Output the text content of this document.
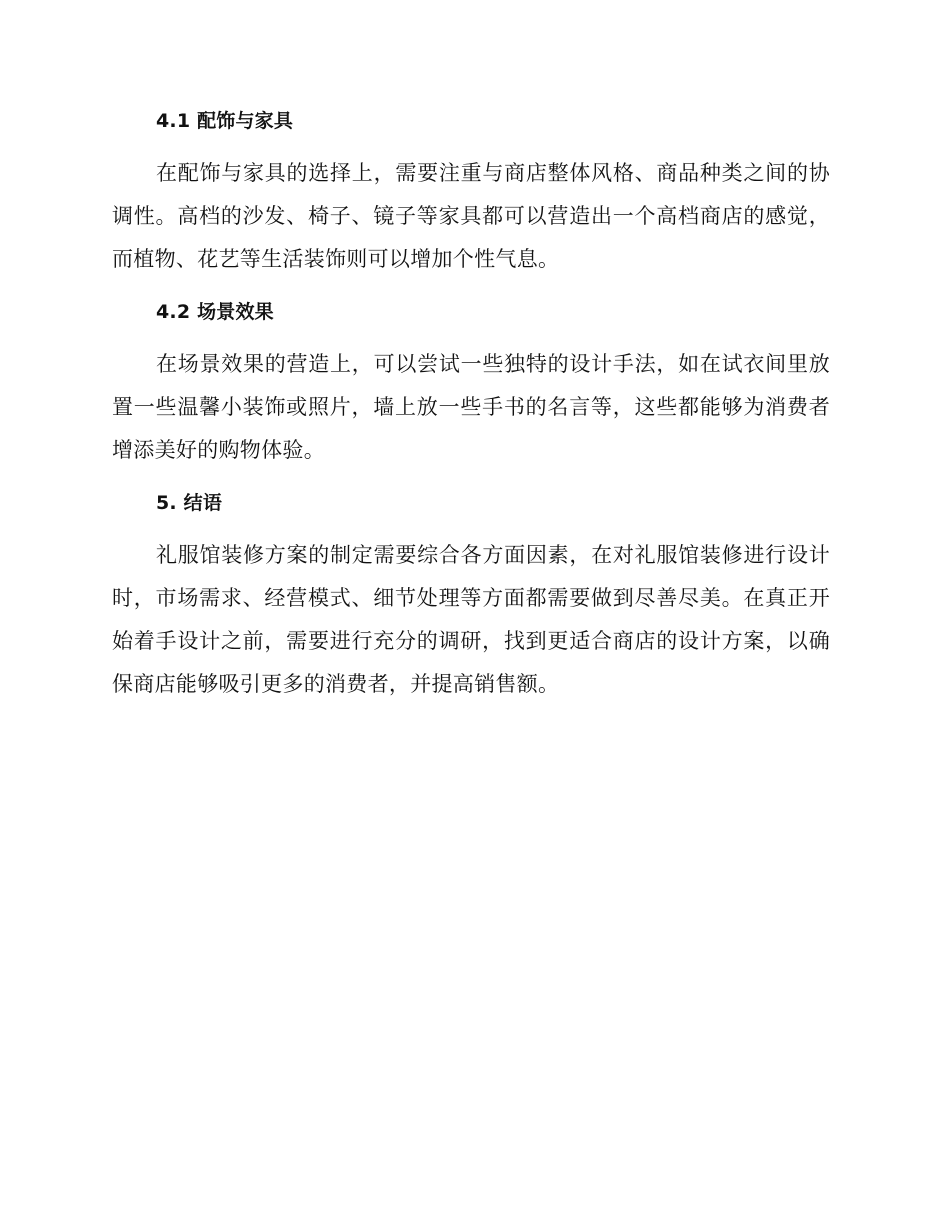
4.1 配饰与家具

在配饰与家具的选择上，需要注重与商店整体风格、商品种类之间的协调性。高档的沙发、椅子、镜子等家具都可以营造出一个高档商店的感觉，而植物、花艺等生活装饰则可以增加个性气息。

4.2 场景效果

在场景效果的营造上，可以尝试一些独特的设计手法，如在试衣间里放置一些温馨小装饰或照片，墙上放一些手书的名言等，这些都能够为消费者增添美好的购物体验。

5. 结语

礼服馆装修方案的制定需要综合各方面因素，在对礼服馆装修进行设计时，市场需求、经营模式、细节处理等方面都需要做到尽善尽美。在真正开始着手设计之前，需要进行充分的调研，找到更适合商店的设计方案，以确保商店能够吸引更多的消费者，并提高销售额。
